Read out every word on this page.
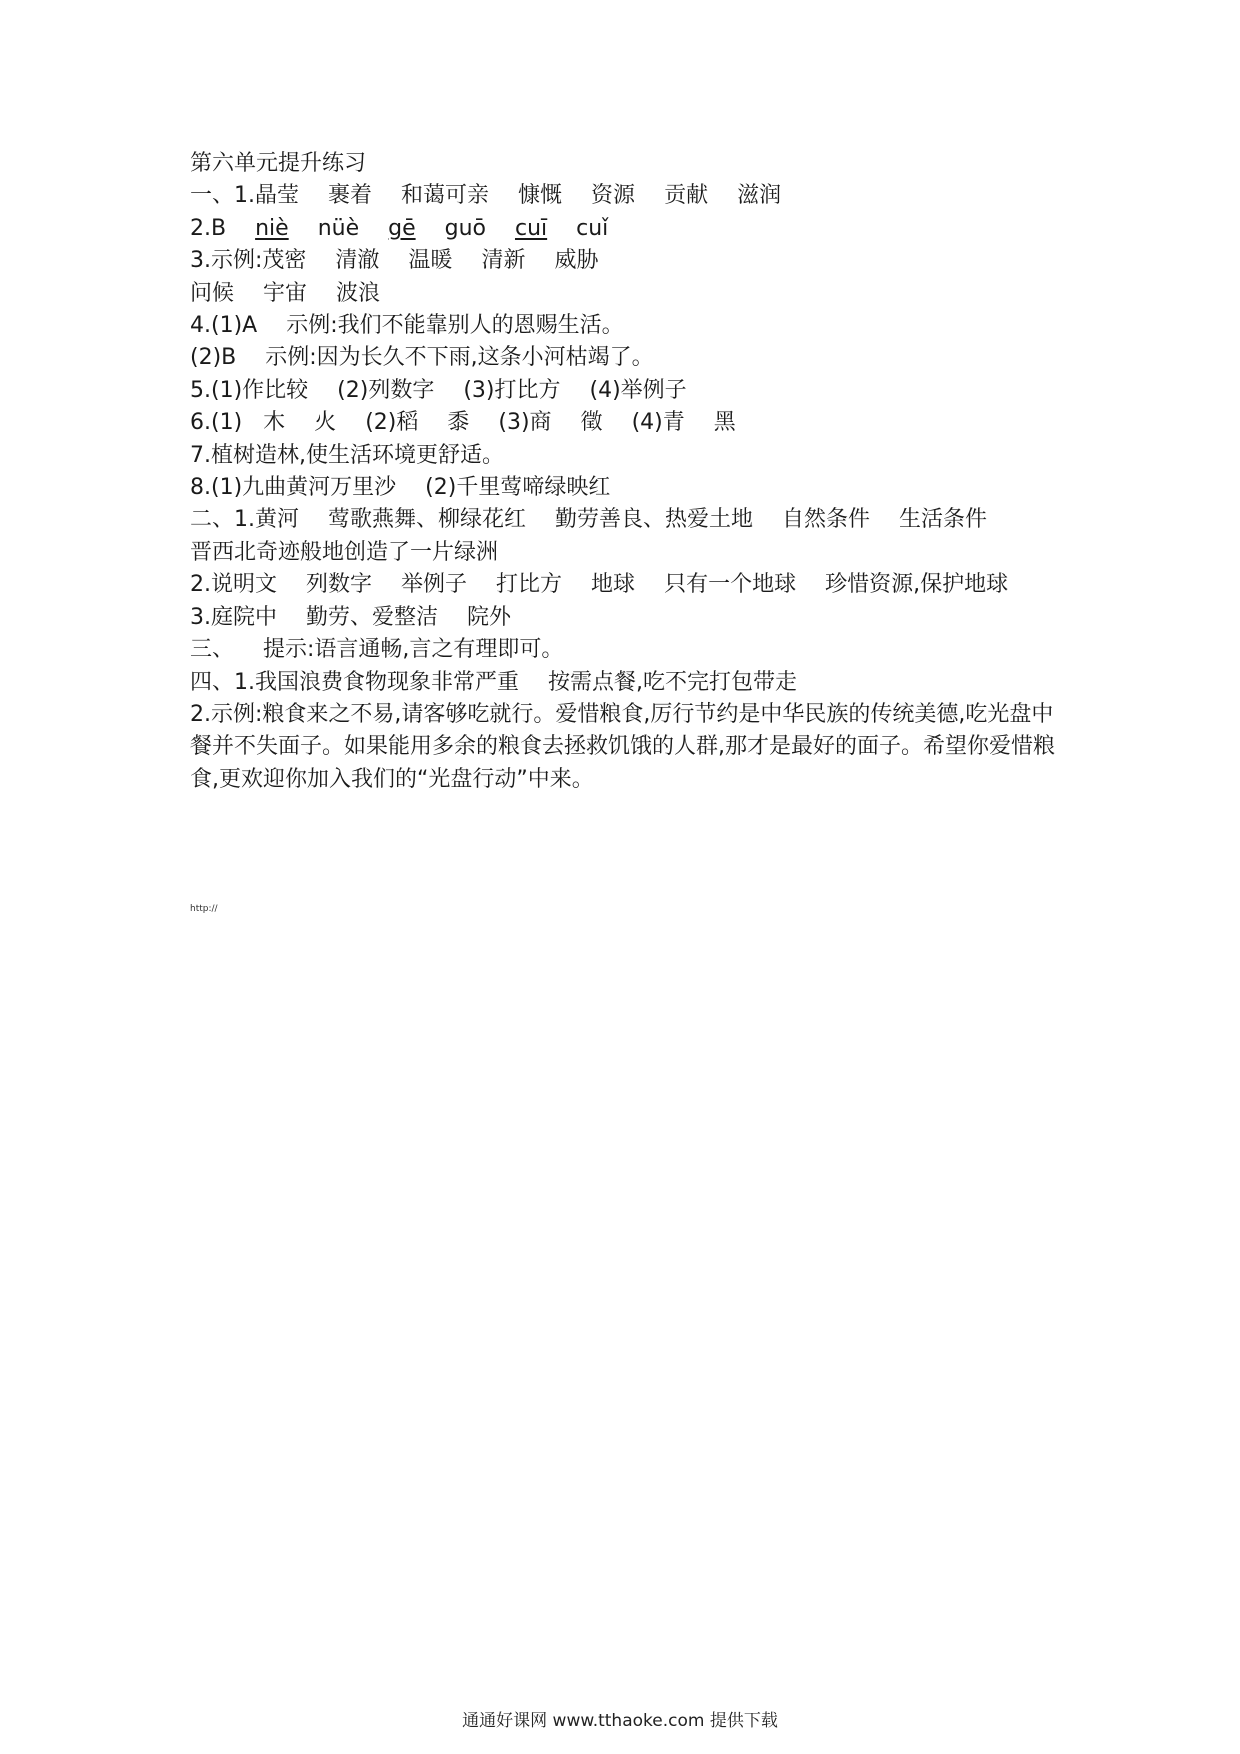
第六单元提升练习
一、1.晶莹 裹着 和蔼可亲 慷慨 资源 贡献 滋润
2.B niè nüè gē guō cuī cuǐ
3.示例:茂密 清澈 温暖 清新 威胁
问候 宇宙 波浪
4.(1)A 示例:我们不能靠别人的恩赐生活。
(2)B 示例:因为长久不下雨,这条小河枯竭了。
5.(1)作比较 (2)列数字 (3)打比方 (4)举例子
6.(1) 木 火 (2)稻 黍 (3)商 徵 (4)青 黑
7.植树造林,使生活环境更舒适。
8.(1)九曲黄河万里沙 (2)千里莺啼绿映红
二、1.黄河 莺歌燕舞、柳绿花红 勤劳善良、热爱土地 自然条件 生活条件
晋西北奇迹般地创造了一片绿洲
2.说明文 列数字 举例子 打比方 地球 只有一个地球 珍惜资源,保护地球
3.庭院中 勤劳、爱整洁 院外
三、 提示:语言通畅,言之有理即可。
四、1.我国浪费食物现象非常严重 按需点餐,吃不完打包带走
2.示例:粮食来之不易,请客够吃就行。爱惜粮食,厉行节约是中华民族的传统美德,吃光盘中餐并不失面子。如果能用多余的粮食去拯救饥饿的人群,那才是最好的面子。希望你爱惜粮食,更欢迎你加入我们的“光盘行动”中来。
http://
通通好课网 www.tthaoke.com 提供下载
